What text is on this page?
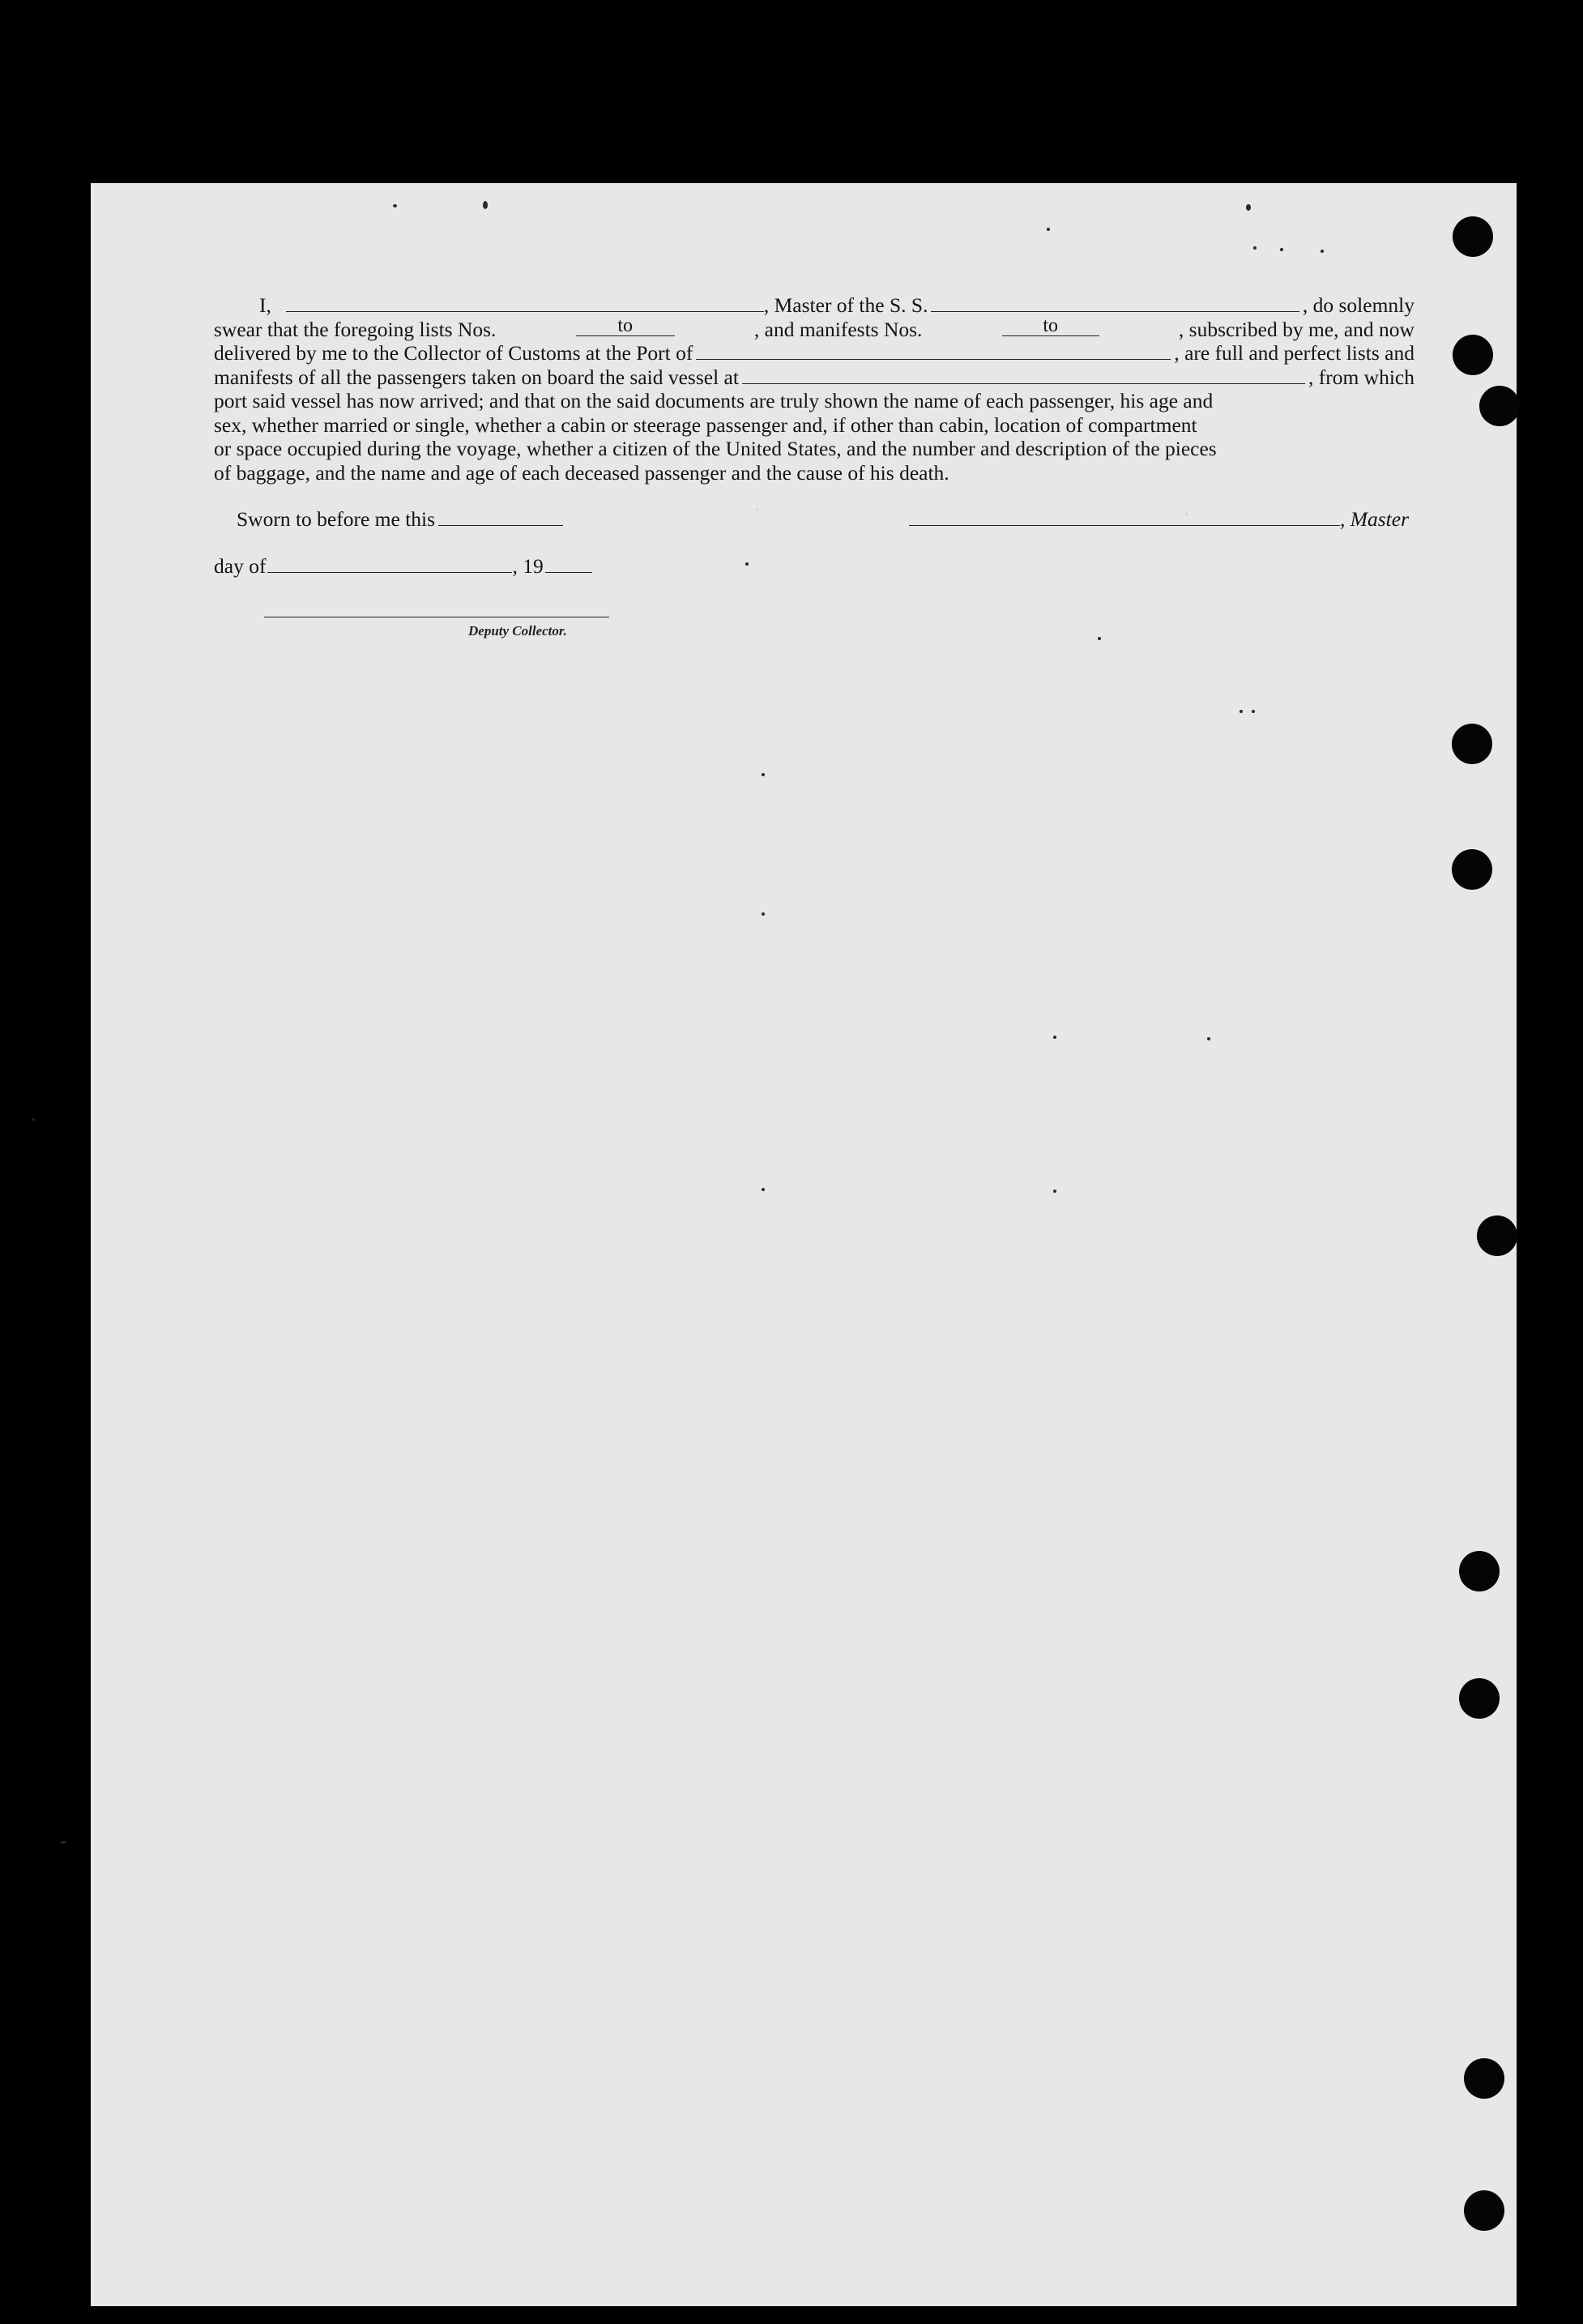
.	.
I,	, Master of the S. S.	, do solemnly
swear that the foregoing lists Nos.	to	, and manifests Nos.	to	, subscribed by me, and now
delivered by me to the Collector of Customs at the Port of	, are full and perfect lists and
manifests of all the passengers taken on board the said vessel at	, from which
port said vessel has now arrived; and that on the said documents are truly shown the name of each passenger, his age and
sex, whether married or single, whether a cabin or steerage passenger and, if other than cabin, location of compartment
or space occupied during the voyage, whether a citizen of the United States, and the number and description of the pieces
of baggage, and the name and age of each deceased passenger and the cause of his death.
Sworn to before me this
day of	, 19
Deputy Collector.
, Master
